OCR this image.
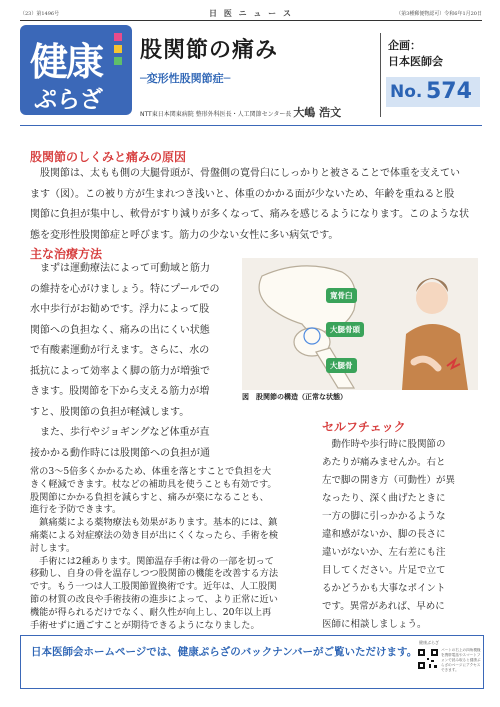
（23）第1496号	日 医 ニ ュ ー ス	（第3種郵便物認可）令和6年1月20日
健康
ぷらざ
股関節の痛み
─変形性股関節症─
NTT東日本関東病院 整形外科医長・人工関節センター長 大嶋 浩文
企画：
日本医師会
No. 574
股関節のしくみと痛みの原因
　股関節は、太もも側の大腿骨頭が、骨盤側の寛骨臼にしっかりと被さることで体重を支えてい
ます（図）。この被り方が生まれつき浅いと、体重のかかる面が少ないため、年齢を重ねると股
関節に負担が集中し、軟骨がすり減りが多くなって、痛みを感じるようになります。このような状
態を変形性股関節症と呼びます。筋力の少ない女性に多い病気です。
主な治療方法
　まずは運動療法によって可動域と筋力
の維持を心がけましょう。特にプールでの
水中歩行がお勧めです。浮力によって股
関節への負担なく、痛みの出にくい状態
で有酸素運動が行えます。さらに、水の
抵抗によって効率よく脚の筋力が増強で
きます。股関節を下から支える筋力が増
すと、股関節の負担が軽減します。
　また、歩行やジョギングなど体重が直
接かかる動作時には股関節への負担が通
寛骨臼
大腿骨頭
大腿骨
図　股関節の構造（正常な状態）
セルフチェック
　動作時や歩行時に股関節の
あたりが痛みませんか。右と
左で脚の開き方（可動性）が異
なったり、深く曲げたときに
一方の脚に引っかかるような
違和感がないか、脚の長さに
違いがないか、左右差にも注
目してください。片足で立て
るかどうかも大事なポイント
です。異常があれば、早めに
医師に相談しましょう。
日本医師会ホームページでは、健康ぷらざのバックナンバーがご覧いただけます。
健康ぷらざ
パートの右上の四角模様を携帯電話やスマートフォンで読み取ると健康ぷらざのページにアクセスできます。
常の3～5倍多くかかるため、体重を落とすことで負担を大
きく軽減できます。杖などの補助具を使うことも有効です。
股関節にかかる負担を減らすと、痛みが楽になることも、
進行を予防できます。
　鎮痛薬による薬物療法も効果があります。基本的には、鎮
痛薬による対症療法の効き目が出にくくなったら、手術を検
討します。
　手術には2種あります。関節温存手術は骨の一部を切って
移動し、自身の骨を温存しつつ股関節の機能を改善する方法
です。もう一つは人工股関節置換術です。近年は、人工股関
節の材質の改良や手術技術の進歩によって、より正常に近い
機能が得られるだけでなく、耐久性が向上し、20年以上再
手術せずに過ごすことが期待できるようになりました。
